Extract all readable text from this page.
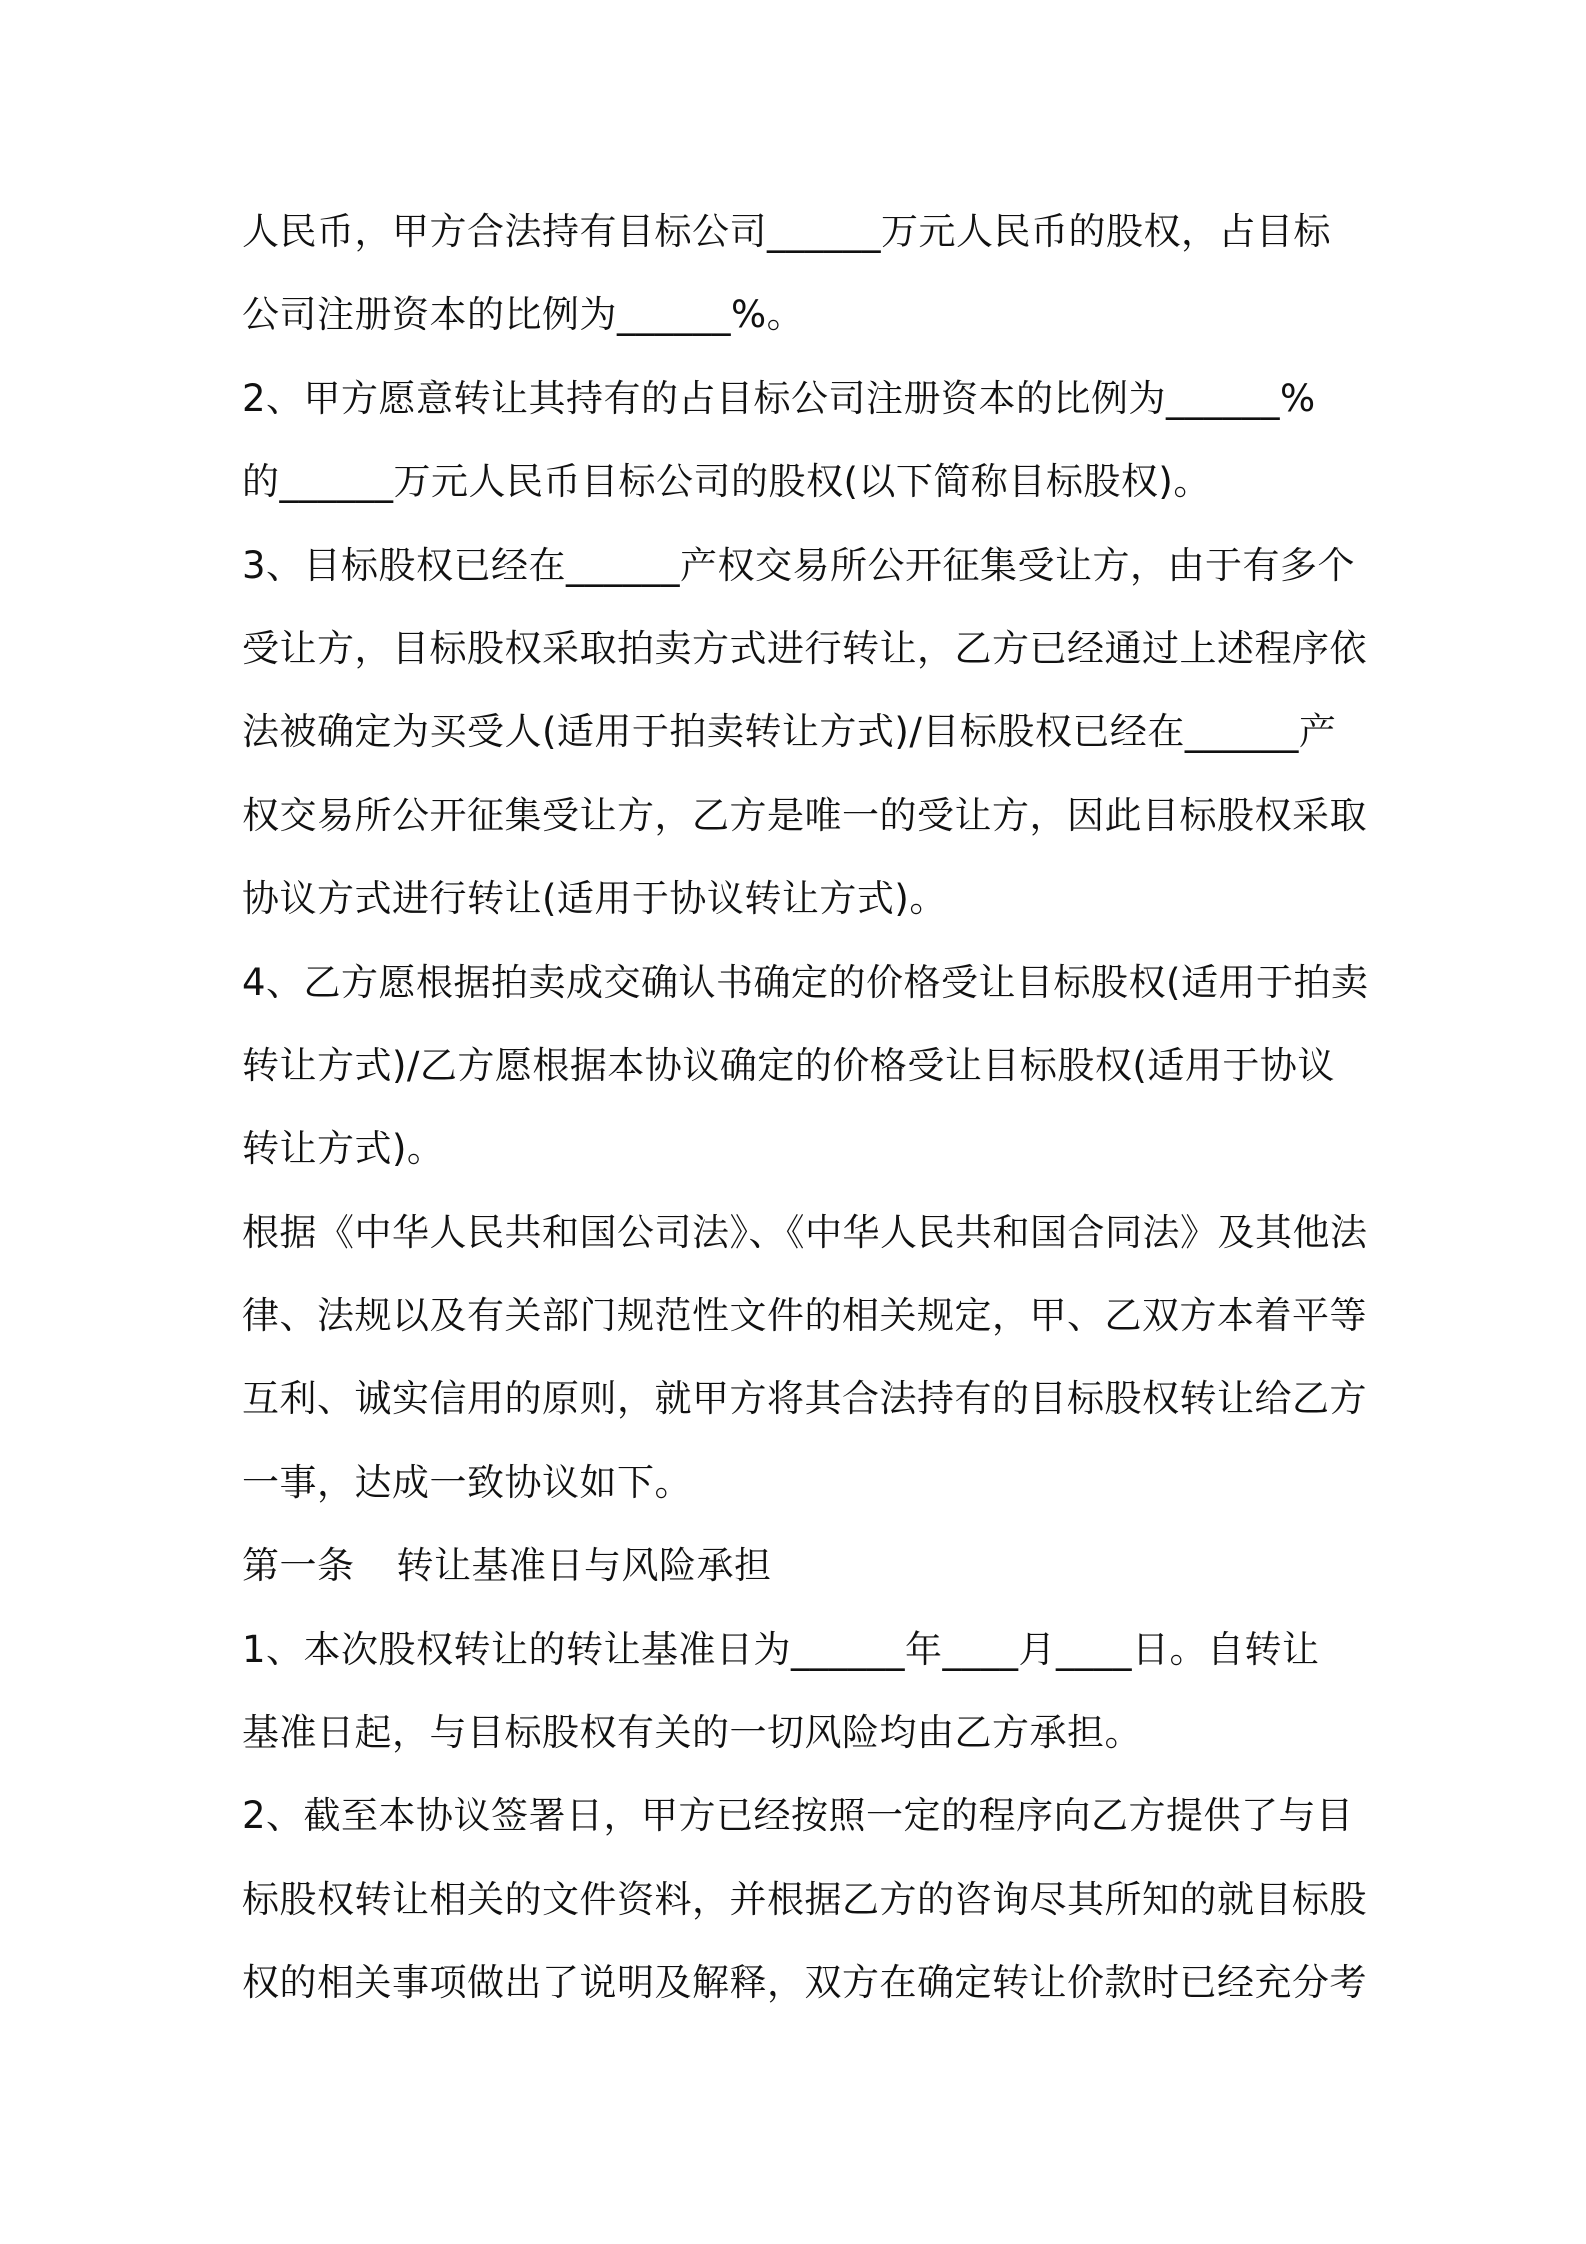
人民币，甲方合法持有目标公司______万元人民币的股权，占目标
公司注册资本的比例为______%。
2、甲方愿意转让其持有的占目标公司注册资本的比例为______%
的______万元人民币目标公司的股权(以下简称目标股权)。
3、目标股权已经在______产权交易所公开征集受让方，由于有多个
受让方，目标股权采取拍卖方式进行转让，乙方已经通过上述程序依
法被确定为买受人(适用于拍卖转让方式)/目标股权已经在______产
权交易所公开征集受让方，乙方是唯一的受让方，因此目标股权采取
协议方式进行转让(适用于协议转让方式)。
4、乙方愿根据拍卖成交确认书确定的价格受让目标股权(适用于拍卖
转让方式)/乙方愿根据本协议确定的价格受让目标股权(适用于协议
转让方式)。
根据《中华人民共和国公司法》、《中华人民共和国合同法》及其他法
律、法规以及有关部门规范性文件的相关规定，甲、乙双方本着平等
互利、诚实信用的原则，就甲方将其合法持有的目标股权转让给乙方
一事，达成一致协议如下。
第一条 转让基准日与风险承担
1、本次股权转让的转让基准日为______年____月____日。自转让
基准日起，与目标股权有关的一切风险均由乙方承担。
2、截至本协议签署日，甲方已经按照一定的程序向乙方提供了与目
标股权转让相关的文件资料，并根据乙方的咨询尽其所知的就目标股
权的相关事项做出了说明及解释，双方在确定转让价款时已经充分考
